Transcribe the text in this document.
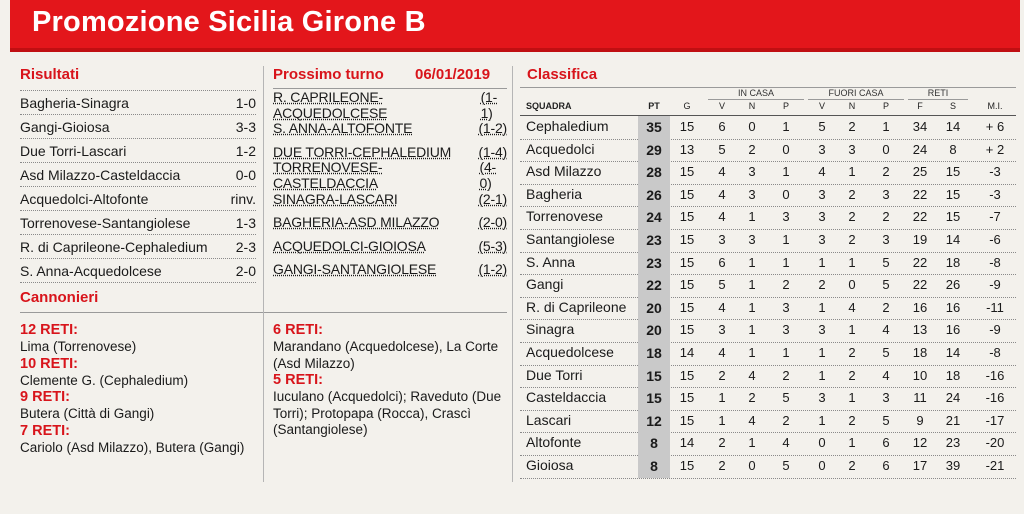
Promozione Sicilia Girone B
Risultati
Bagheria-Sinagra	1-0
Gangi-Gioiosa	3-3
Due Torri-Lascari	1-2
Asd Milazzo-Casteldaccia	0-0
Acquedolci-Altofonte	rinv.
Torrenovese-Santangiolese	1-3
R. di Caprileone-Cephaledium 2-3
S. Anna-Acquedolcese	2-0
Prossimo turno 06/01/2019
R. CAPRILEONE-ACQUEDOLCESE
(1-1)
S. ANNA-ALTOFONTE	(1-2)
DUE TORRI-CEPHALEDIUM (1-4)
TORRENOVESE-CASTELDACCIA
(4-0)
SINAGRA-LASCARI	(2-1)
BAGHERIA-ASD MILAZZO	(2-0)
ACQUEDOLCI-GIOIOSA	(5-3)
GANGI-SANTANGIOLESE	(1-2)
Cannonieri
12 RETI:
Lima (Torrenovese)
10 RETI:
Clemente G. (Cephaledium)
9 RETI:
Butera (Città di Gangi)
7 RETI:
Cariolo (Asd Milazzo), Butera (Gangi)
6 RETI:
Marandano (Acquedolcese), La Corte (Asd Milazzo)
5 RETI:
Iuculano (Acquedolci); Raveduto (Due Torri); Protopapa (Rocca), Crascì (Santangiolese)
Classifica
IN CASA	FUORI CASA	RETI
SQUADRA	PT	G	V	N	P	V	N	P	F	S	M.I.
Cephaledium	35	15	6	0	1	5	2	1	34	14	+ 6
Acquedolci	29	13	5	2	0	3	3	0	24	8	+ 2
Asd Milazzo	28	15	4	3	1	4	1	2	25	15	-3
Bagheria	26	15	4	3	0	3	2	3	22	15	-3
Torrenovese	24	15	4	1	3	3	2	2	22	15	-7
Santangiolese	23	15	3	3	1	3	2	3	19	14	-6
S. Anna	23	15	6	1	1	1	1	5	22	18	-8
Gangi	22	15	5	1	2	2	0	5	22	26	-9
R. di Caprileone	20	15	4	1	3	1	4	2	16	16	-11
Sinagra	20	15	3	1	3	3	1	4	13	16	-9
Acquedolcese	18	14	4	1	1	1	2	5	18	14	-8
Due Torri	15	15	2	4	2	1	2	4	10	18	-16
Casteldaccia	15	15	1	2	5	3	1	3	11	24	-16
Lascari	12	15	1	4	2	1	2	5	9	21	-17
Altofonte	8	14	2	1	4	0	1	6	12	23	-20
Gioiosa	8	15	2	0	5	0	2	6	17	39	-21
